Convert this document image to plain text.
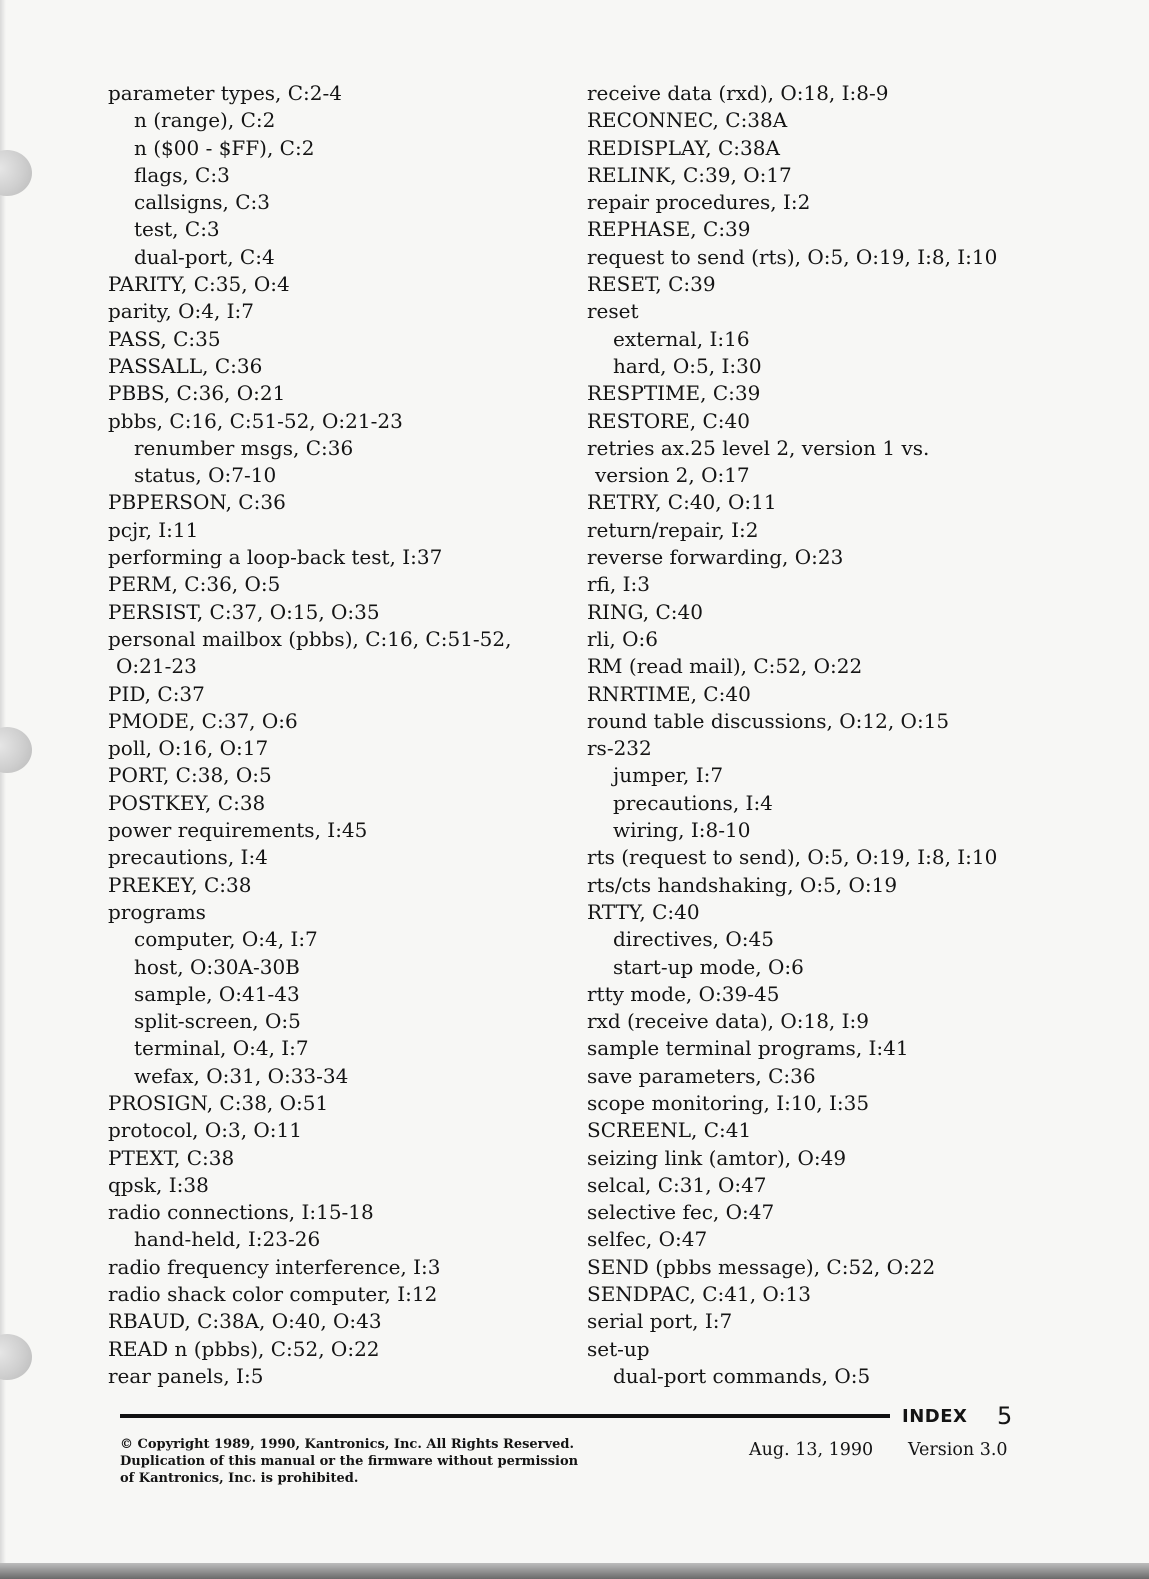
parameter types, C:2-4
n (range), C:2
n ($00 - $FF), C:2
flags, C:3
callsigns, C:3
test, C:3
dual-port, C:4
PARITY, C:35, O:4
parity, O:4, I:7
PASS, C:35
PASSALL, C:36
PBBS, C:36, O:21
pbbs, C:16, C:51-52, O:21-23
renumber msgs, C:36
status, O:7-10
PBPERSON, C:36
pcjr, I:11
performing a loop-back test, I:37
PERM, C:36, O:5
PERSIST, C:37, O:15, O:35
personal mailbox (pbbs), C:16, C:51-52,
O:21-23
PID, C:37
PMODE, C:37, O:6
poll, O:16, O:17
PORT, C:38, O:5
POSTKEY, C:38
power requirements, I:45
precautions, I:4
PREKEY, C:38
programs
computer, O:4, I:7
host, O:30A-30B
sample, O:41-43
split-screen, O:5
terminal, O:4, I:7
wefax, O:31, O:33-34
PROSIGN, C:38, O:51
protocol, O:3, O:11
PTEXT, C:38
qpsk, I:38
radio connections, I:15-18
hand-held, I:23-26
radio frequency interference, I:3
radio shack color computer, I:12
RBAUD, C:38A, O:40, O:43
READ n (pbbs), C:52, O:22
rear panels, I:5
receive data (rxd), O:18, I:8-9
RECONNEC, C:38A
REDISPLAY, C:38A
RELINK, C:39, O:17
repair procedures, I:2
REPHASE, C:39
request to send (rts), O:5, O:19, I:8, I:10
RESET, C:39
reset
external, I:16
hard, O:5, I:30
RESPTIME, C:39
RESTORE, C:40
retries ax.25 level 2, version 1 vs.
version 2, O:17
RETRY, C:40, O:11
return/repair, I:2
reverse forwarding, O:23
rfi, I:3
RING, C:40
rli, O:6
RM (read mail), C:52, O:22
RNRTIME, C:40
round table discussions, O:12, O:15
rs-232
jumper, I:7
precautions, I:4
wiring, I:8-10
rts (request to send), O:5, O:19, I:8, I:10
rts/cts handshaking, O:5, O:19
RTTY, C:40
directives, O:45
start-up mode, O:6
rtty mode, O:39-45
rxd (receive data), O:18, I:9
sample terminal programs, I:41
save parameters, C:36
scope monitoring, I:10, I:35
SCREENL, C:41
seizing link (amtor), O:49
selcal, C:31, O:47
selective fec, O:47
selfec, O:47
SEND (pbbs message), C:52, O:22
SENDPAC, C:41, O:13
serial port, I:7
set-up
dual-port commands, O:5
INDEX 5
© Copyright 1989, 1990, Kantronics, Inc. All Rights Reserved. Duplication of this manual or the firmware without permission of Kantronics, Inc. is prohibited.
Aug. 13, 1990 Version 3.0
